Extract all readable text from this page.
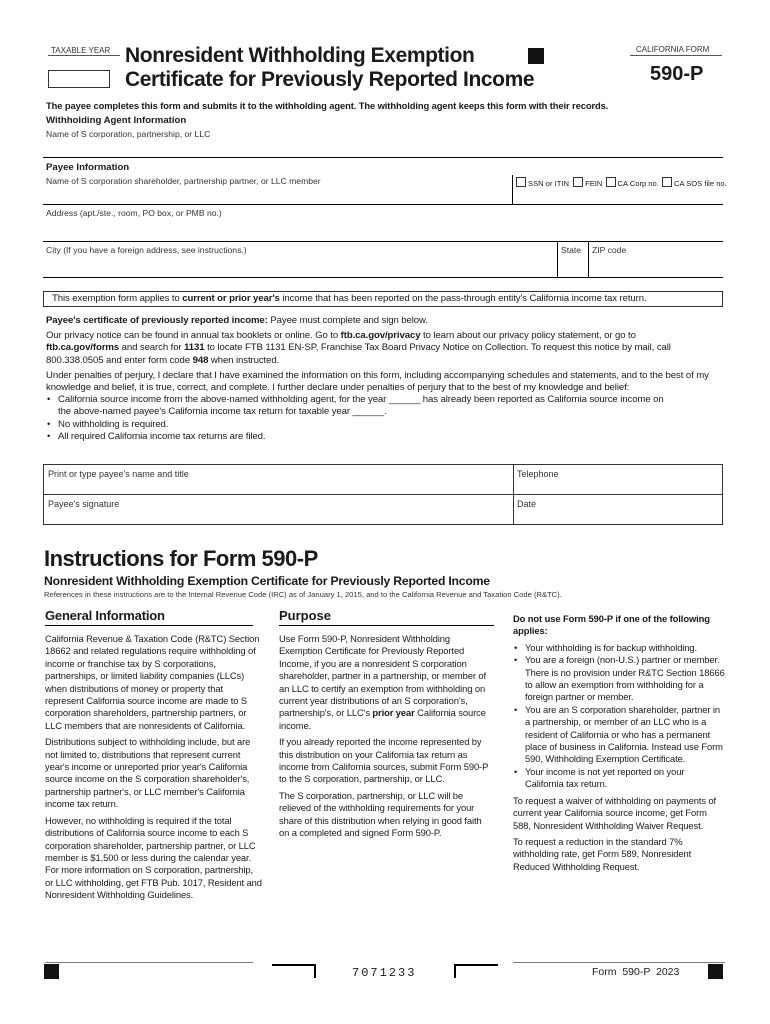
TAXABLE YEAR Nonresident Withholding Exemption
Certificate for Previously Reported Income
CALIFORNIA FORM
590-P
The payee completes this form and submits it to the withholding agent. The withholding agent keeps this form with their records.
Withholding Agent Information
Name of S corporation, partnership, or LLC
Payee Information
Name of S corporation shareholder, partnership partner, or LLC member	SSN or ITIN FEIN CA Corp no. CA SOS file no.
Address (apt./ste., room, PO box, or PMB no.)
City (If you have a foreign address, see instructions.)	State ZIP code
This exemption form applies to current or prior year's income that has been reported on the pass-through entity's California income tax return.
Payee's certificate of previously reported income: Payee must complete and sign below.
Our privacy notice can be found in annual tax booklets or online. Go to ftb.ca.gov/privacy to learn about our privacy policy statement, or go to
ftb.ca.gov/forms and search for 1131 to locate FTB 1131 EN-SP, Franchise Tax Board Privacy Notice on Collection. To request this notice by mail, call
800.338.0505 and enter form code 948 when instructed.
Under penalties of perjury, I declare that I have examined the information on this form, including accompanying schedules and statements, and to the best of my knowledge and belief, it is true, correct, and complete. I further declare under penalties of perjury that to the best of my knowledge and belief:
• California source income from the above-named withholding agent, for the year ______ has already been reported as California source income on
the above-named payee's California income tax return for taxable year ______.
• No withholding is required.
• All required California income tax returns are filed.
Print or type payee's name and title	Telephone
Payee's signature	Date
Instructions for Form 590-P
Nonresident Withholding Exemption Certificate for Previously Reported Income
References in these instructions are to the Internal Revenue Code (IRC) as of January 1, 2015, and to the California Revenue and Taxation Code (R&TC).
General Information

California Revenue & Taxation Code (R&TC) Section 18662 and related regulations require withholding of income or franchise tax by S corporations, partnerships, or limited liability companies (LLCs) when distributions of money or property that represent California source income are made to S corporation shareholders, partnership partners, or LLC members that are nonresidents of California.

Distributions subject to withholding include, but are not limited to, distributions that represent current year's income or unreported prior year's California source income on the S corporation shareholder's, partnership partner's, or LLC member's California income tax return.

However, no withholding is required if the total distributions of California source income to each S corporation shareholder, partnership partner, or LLC member is $1,500 or less during the calendar year. For more information on S corporation, partnership, or LLC withholding, get FTB Pub. 1017, Resident and Nonresident Withholding Guidelines.

Purpose

Use Form 590-P, Nonresident Withholding Exemption Certificate for Previously Reported Income, if you are a nonresident S corporation shareholder, partner in a partnership, or member of an LLC to certify an exemption from withholding on current year distributions of an S corporation's, partnership's, or LLC's prior year California source income.

If you already reported the income represented by this distribution on your California tax return as income from California sources, submit Form 590-P to the S corporation, partnership, or LLC.

The S corporation, partnership, or LLC will be relieved of the withholding requirements for your share of this distribution when relying in good faith on a completed and signed Form 590-P.

Do not use Form 590-P if one of the following applies:

• Your withholding is for backup withholding.
• You are a foreign (non-U.S.) partner or member. There is no provision under R&TC Section 18666 to allow an exemption from withholding for a foreign partner or member.
• You are an S corporation shareholder, partner in a partnership, or member of an LLC who is a resident of California or who has a permanent place of business in California. Instead use Form 590, Withholding Exemption Certificate.
• Your income is not yet reported on your California tax return.

To request a waiver of withholding on payments of current year California source income, get Form 588, Nonresident Withholding Waiver Request.

To request a reduction in the standard 7% withholding rate, get Form 589, Nonresident Reduced Withholding Request.

7071233	Form  590-P  2023
